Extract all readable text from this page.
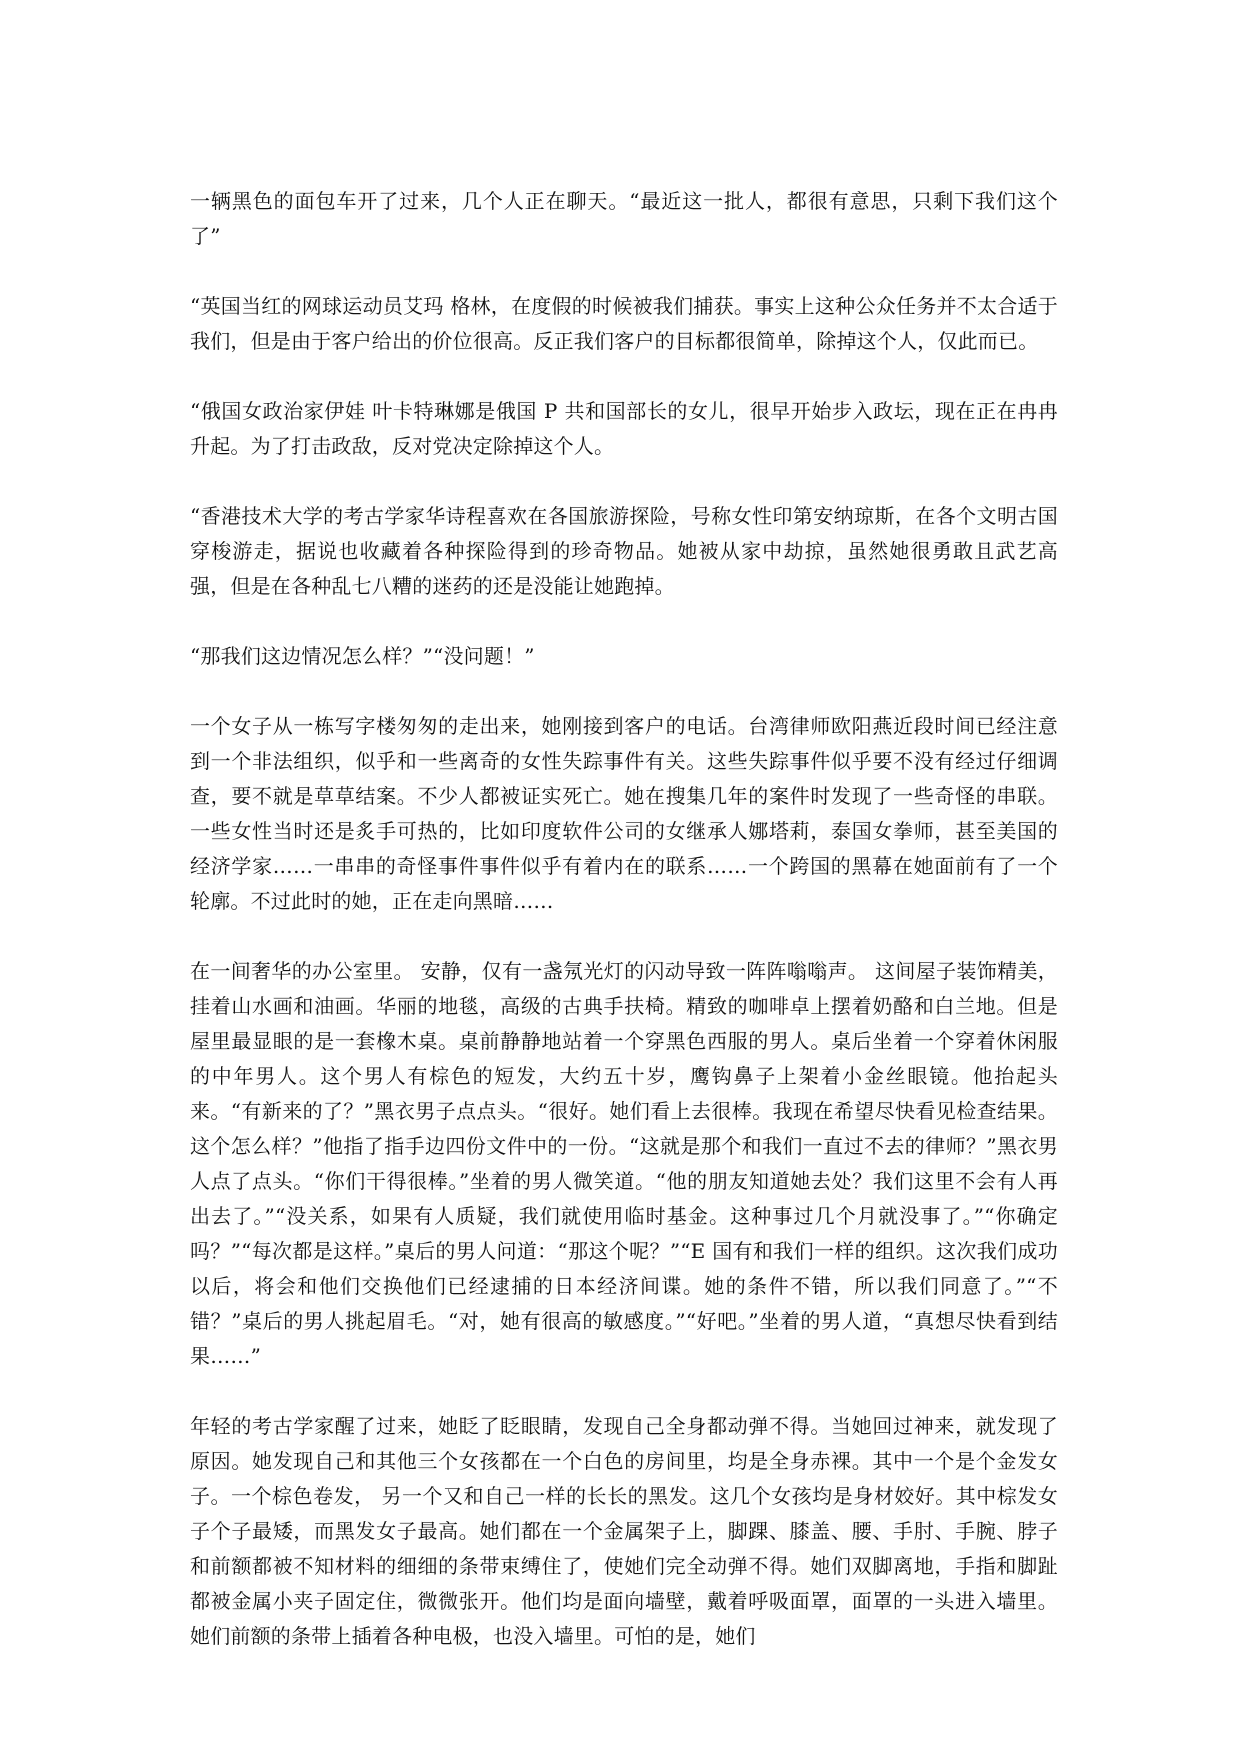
一辆黑色的面包车开了过来，几个人正在聊天。“最近这一批人，都很有意思，只剩下我们这个了”

“英国当红的网球运动员艾玛 格林，在度假的时候被我们捕获。事实上这种公众任务并不太合适于我们，但是由于客户给出的价位很高。反正我们客户的目标都很简单，除掉这个人，仅此而已。

“俄国女政治家伊娃 叶卡特琳娜是俄国 P 共和国部长的女儿，很早开始步入政坛，现在正在冉冉升起。为了打击政敌，反对党决定除掉这个人。

“香港技术大学的考古学家华诗程喜欢在各国旅游探险，号称女性印第安纳琼斯，在各个文明古国穿梭游走，据说也收藏着各种探险得到的珍奇物品。她被从家中劫掠，虽然她很勇敢且武艺高强，但是在各种乱七八糟的迷药的还是没能让她跑掉。

“那我们这边情况怎么样？”“没问题！”

一个女子从一栋写字楼匆匆的走出来，她刚接到客户的电话。台湾律师欧阳燕近段时间已经注意到一个非法组织，似乎和一些离奇的女性失踪事件有关。这些失踪事件似乎要不没有经过仔细调查，要不就是草草结案。不少人都被证实死亡。她在搜集几年的案件时发现了一些奇怪的串联。一些女性当时还是炙手可热的，比如印度软件公司的女继承人娜塔莉，泰国女拳师，甚至美国的经济学家……一串串的奇怪事件事件似乎有着内在的联系……一个跨国的黑幕在她面前有了一个轮廓。不过此时的她，正在走向黑暗……

在一间奢华的办公室里。 安静，仅有一盏氖光灯的闪动导致一阵阵嗡嗡声。 这间屋子装饰精美，挂着山水画和油画。华丽的地毯，高级的古典手扶椅。精致的咖啡卓上摆着奶酪和白兰地。但是屋里最显眼的是一套橡木桌。桌前静静地站着一个穿黑色西服的男人。桌后坐着一个穿着休闲服的中年男人。这个男人有棕色的短发，大约五十岁，鹰钩鼻子上架着小金丝眼镜。他抬起头来。“有新来的了？”黑衣男子点点头。“很好。她们看上去很棒。我现在希望尽快看见检查结果。这个怎么样？”他指了指手边四份文件中的一份。“这就是那个和我们一直过不去的律师？”黑衣男人点了点头。“你们干得很棒。”坐着的男人微笑道。“他的朋友知道她去处？我们这里不会有人再出去了。”“没关系，如果有人质疑，我们就使用临时基金。这种事过几个月就没事了。”“你确定吗？”“每次都是这样。”桌后的男人问道：“那这个呢？”“E 国有和我们一样的组织。这次我们成功以后，将会和他们交换他们已经逮捕的日本经济间谍。她的条件不错，所以我们同意了。”“不错？”桌后的男人挑起眉毛。“对，她有很高的敏感度。”“好吧。”坐着的男人道，“真想尽快看到结果……”

年轻的考古学家醒了过来，她眨了眨眼睛，发现自己全身都动弹不得。当她回过神来，就发现了原因。她发现自己和其他三个女孩都在一个白色的房间里，均是全身赤裸。其中一个是个金发女子。一个棕色卷发， 另一个又和自己一样的长长的黑发。这几个女孩均是身材姣好。其中棕发女子个子最矮，而黑发女子最高。她们都在一个金属架子上，脚踝、膝盖、腰、手肘、手腕、脖子和前额都被不知材料的细细的条带束缚住了，使她们完全动弹不得。她们双脚离地，手指和脚趾都被金属小夹子固定住，微微张开。他们均是面向墙壁，戴着呼吸面罩，面罩的一头进入墙里。她们前额的条带上插着各种电极，也没入墙里。可怕的是，她们
